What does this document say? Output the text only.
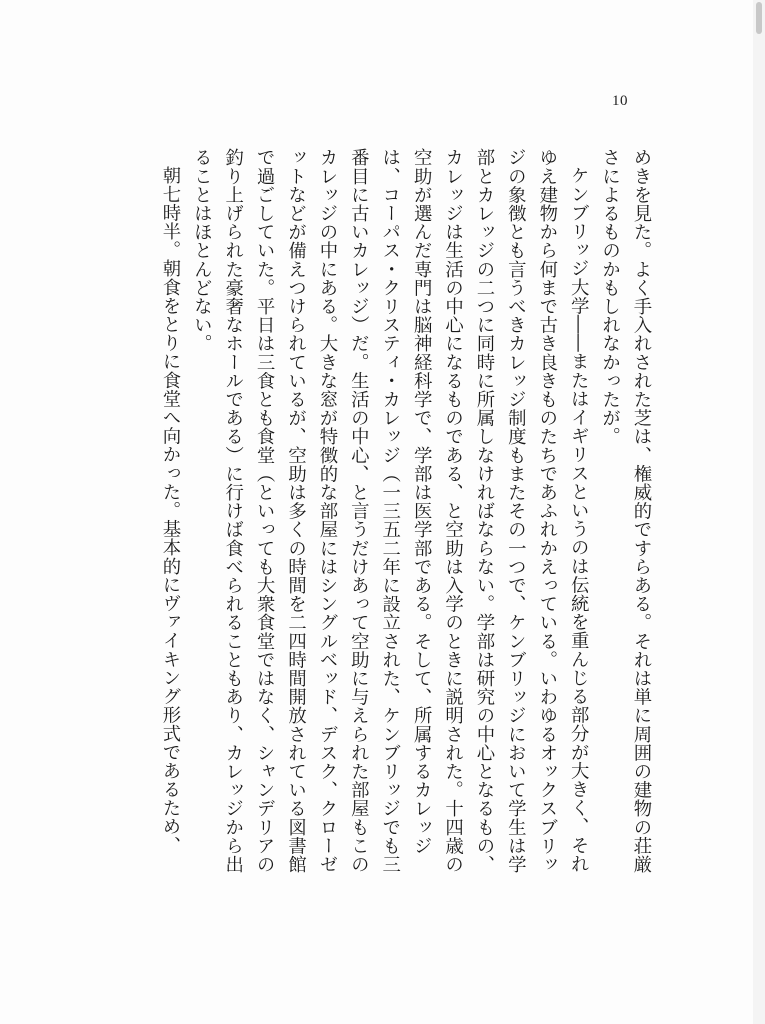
10

めきを見た。よく手入れされた芝は、権威的ですらある。それは単に周囲の建物の荘厳さによるものかもしれなかったが。

ケンブリッジ大学――またはイギリスというのは伝統を重んじる部分が大きく、それゆえ建物から何まで古き良きものたちであふれかえっている。いわゆるオックスブリッジの象徴とも言うべきカレッジ制度もまたその一つで、ケンブリッジにおいて学生は学部とカレッジの二つに同時に所属しなければならない。学部は研究の中心となるもの、カレッジは生活の中心になるものである、と空助は入学のときに説明された。十四歳の空助が選んだ専門は脳神経科学で、学部は医学部である。そして、所属するカレッジは、コーパス・クリスティ・カレッジ（一三五二年に設立された、ケンブリッジでも三番目に古いカレッジ）だ。生活の中心、と言うだけあって空助に与えられた部屋もこのカレッジの中にある。大きな窓が特徴的な部屋にはシングルベッド、デスク、クローゼットなどが備えつけられているが、空助は多くの時間を二四時間開放されている図書館で過ごしていた。平日は三食とも食堂（といっても大衆食堂ではなく、シャンデリアの釣り上げられた豪奢なホールである）に行けば食べられることもあり、カレッジから出ることはほとんどない。

朝七時半。朝食をとりに食堂へ向かった。基本的にヴァイキング形式であるため、
